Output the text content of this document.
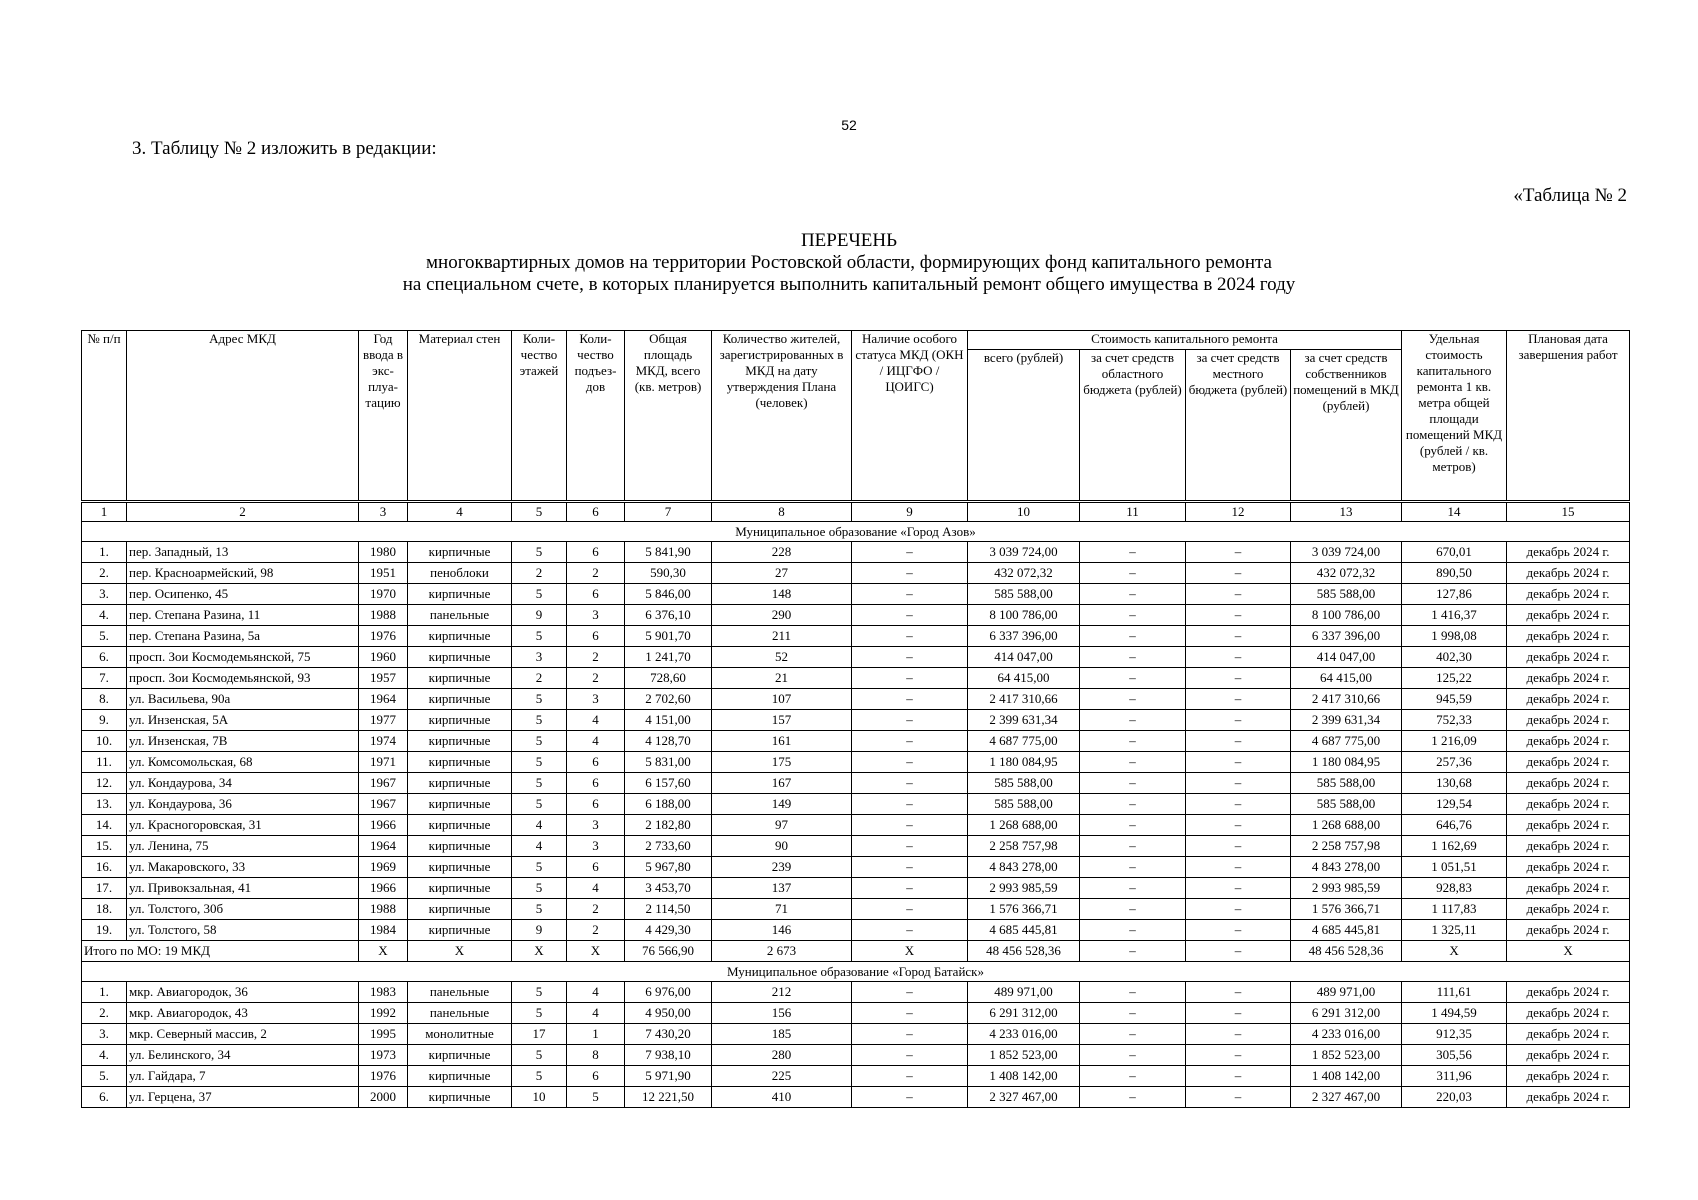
52
3. Таблицу № 2 изложить в редакции:
«Таблица № 2
ПЕРЕЧЕНЬ
многоквартирных домов на территории Ростовской области, формирующих фонд капитального ремонта
на специальном счете, в которых планируется выполнить капитальный ремонт общего имущества в 2024 году
№ п/п	Адрес МКД	Год ввода в экс- плуа- тацию	Материал стен	Коли- чество этажей	Коли- чество подъез- дов	Общая площадь МКД, всего (кв. метров)	Количество жителей, зарегистрированных в МКД на дату утверждения Плана (человек)	Наличие особого статуса МКД (ОКН / ИЦГФО / ЦОИГС)	Стоимость капитального ремонта				Удельная стоимость капитального ремонта 1 кв. метра общей площади помещений МКД (рублей / кв. метров)	Плановая дата завершения работ
									всего (рублей)	за счет средств областного бюджета (рублей)	за счет средств местного бюджета (рублей)	за счет средств собственников помещений в МКД (рублей)		
1	2	3	4	5	6	7	8	9	10	11	12	13	14	15
Муниципальное образование «Город Азов»														
1.	пер. Западный, 13	1980	кирпичные	5	6	5 841,90	228	–	3 039 724,00	–	–	3 039 724,00	670,01	декабрь 2024 г.
2.	пер. Красноармейский, 98	1951	пеноблоки	2	2	590,30	27	–	432 072,32	–	–	432 072,32	890,50	декабрь 2024 г.
3.	пер. Осипенко, 45	1970	кирпичные	5	6	5 846,00	148	–	585 588,00	–	–	585 588,00	127,86	декабрь 2024 г.
4.	пер. Степана Разина, 11	1988	панельные	9	3	6 376,10	290	–	8 100 786,00	–	–	8 100 786,00	1 416,37	декабрь 2024 г.
5.	пер. Степана Разина, 5а	1976	кирпичные	5	6	5 901,70	211	–	6 337 396,00	–	–	6 337 396,00	1 998,08	декабрь 2024 г.
6.	просп. Зои Космодемьянской, 75	1960	кирпичные	3	2	1 241,70	52	–	414 047,00	–	–	414 047,00	402,30	декабрь 2024 г.
7.	просп. Зои Космодемьянской, 93	1957	кирпичные	2	2	728,60	21	–	64 415,00	–	–	64 415,00	125,22	декабрь 2024 г.
8.	ул. Васильева, 90а	1964	кирпичные	5	3	2 702,60	107	–	2 417 310,66	–	–	2 417 310,66	945,59	декабрь 2024 г.
9.	ул. Инзенская, 5А	1977	кирпичные	5	4	4 151,00	157	–	2 399 631,34	–	–	2 399 631,34	752,33	декабрь 2024 г.
10.	ул. Инзенская, 7В	1974	кирпичные	5	4	4 128,70	161	–	4 687 775,00	–	–	4 687 775,00	1 216,09	декабрь 2024 г.
11.	ул. Комсомольская, 68	1971	кирпичные	5	6	5 831,00	175	–	1 180 084,95	–	–	1 180 084,95	257,36	декабрь 2024 г.
12.	ул. Кондаурова, 34	1967	кирпичные	5	6	6 157,60	167	–	585 588,00	–	–	585 588,00	130,68	декабрь 2024 г.
13.	ул. Кондаурова, 36	1967	кирпичные	5	6	6 188,00	149	–	585 588,00	–	–	585 588,00	129,54	декабрь 2024 г.
14.	ул. Красногоровская, 31	1966	кирпичные	4	3	2 182,80	97	–	1 268 688,00	–	–	1 268 688,00	646,76	декабрь 2024 г.
15.	ул. Ленина, 75	1964	кирпичные	4	3	2 733,60	90	–	2 258 757,98	–	–	2 258 757,98	1 162,69	декабрь 2024 г.
16.	ул. Макаровского, 33	1969	кирпичные	5	6	5 967,80	239	–	4 843 278,00	–	–	4 843 278,00	1 051,51	декабрь 2024 г.
17.	ул. Привокзальная, 41	1966	кирпичные	5	4	3 453,70	137	–	2 993 985,59	–	–	2 993 985,59	928,83	декабрь 2024 г.
18.	ул. Толстого, 30б	1988	кирпичные	5	2	2 114,50	71	–	1 576 366,71	–	–	1 576 366,71	1 117,83	декабрь 2024 г.
19.	ул. Толстого, 58	1984	кирпичные	9	2	4 429,30	146	–	4 685 445,81	–	–	4 685 445,81	1 325,11	декабрь 2024 г.
Итого по МО: 19 МКД		X	X	X	X	76 566,90	2 673	X	48 456 528,36	–	–	48 456 528,36	X	X
Муниципальное образование «Город Батайск»														
1.	мкр. Авиагородок, 36	1983	панельные	5	4	6 976,00	212	–	489 971,00	–	–	489 971,00	111,61	декабрь 2024 г.
2.	мкр. Авиагородок, 43	1992	панельные	5	4	4 950,00	156	–	6 291 312,00	–	–	6 291 312,00	1 494,59	декабрь 2024 г.
3.	мкр. Северный массив, 2	1995	монолитные	17	1	7 430,20	185	–	4 233 016,00	–	–	4 233 016,00	912,35	декабрь 2024 г.
4.	ул. Белинского, 34	1973	кирпичные	5	8	7 938,10	280	–	1 852 523,00	–	–	1 852 523,00	305,56	декабрь 2024 г.
5.	ул. Гайдара, 7	1976	кирпичные	5	6	5 971,90	225	–	1 408 142,00	–	–	1 408 142,00	311,96	декабрь 2024 г.
6.	ул. Герцена, 37	2000	кирпичные	10	5	12 221,50	410	–	2 327 467,00	–	–	2 327 467,00	220,03	декабрь 2024 г.
